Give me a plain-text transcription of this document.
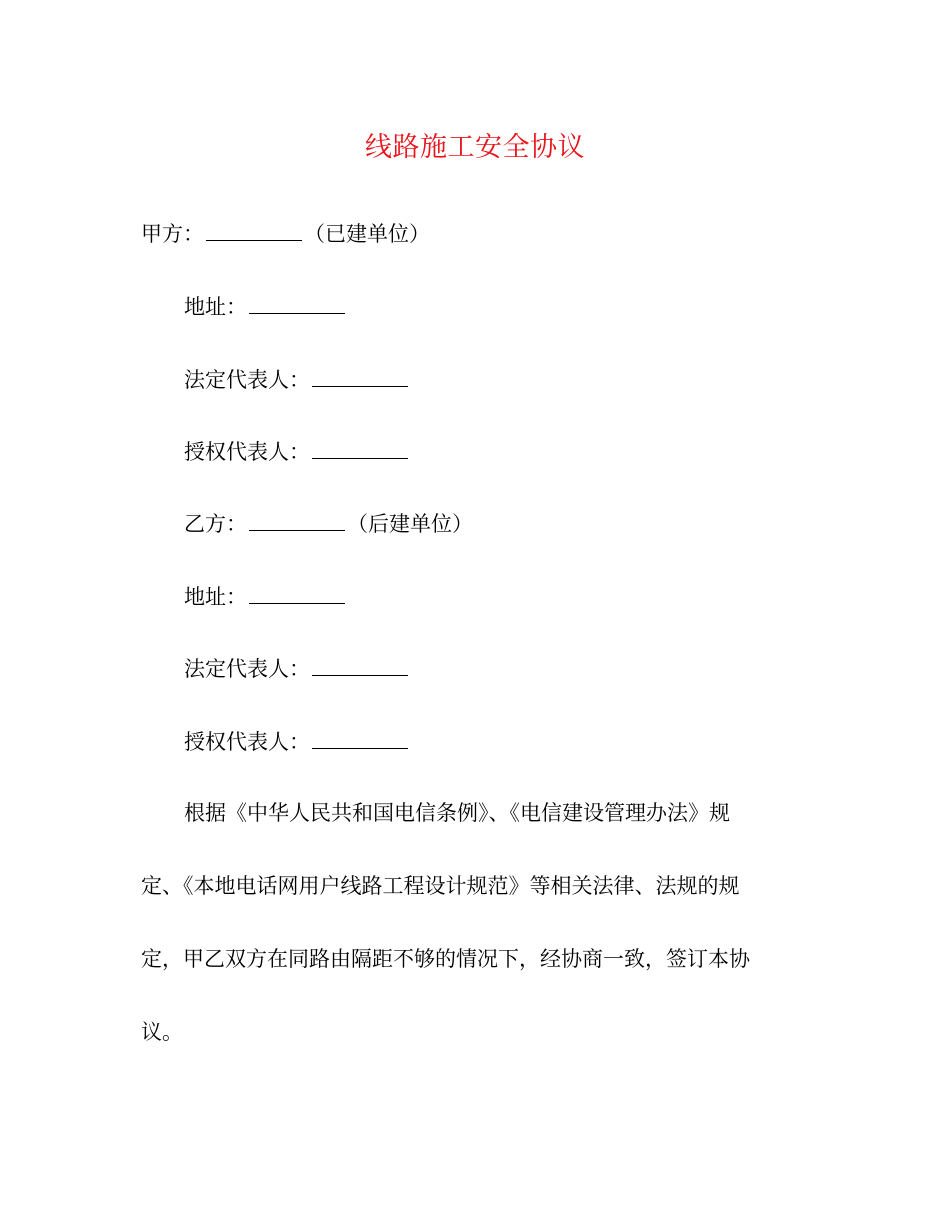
线路施工安全协议
甲方：	（已建单位）
地址：
法定代表人：
授权代表人：
乙方：	（后建单位）
地址：
法定代表人：
授权代表人：
根据《中华人民共和国电信条例》、《电信建设管理办法》规
定、《本地电话网用户线路工程设计规范》等相关法律、法规的规
定，甲乙双方在同路由隔距不够的情况下，经协商一致，签订本协
议。
